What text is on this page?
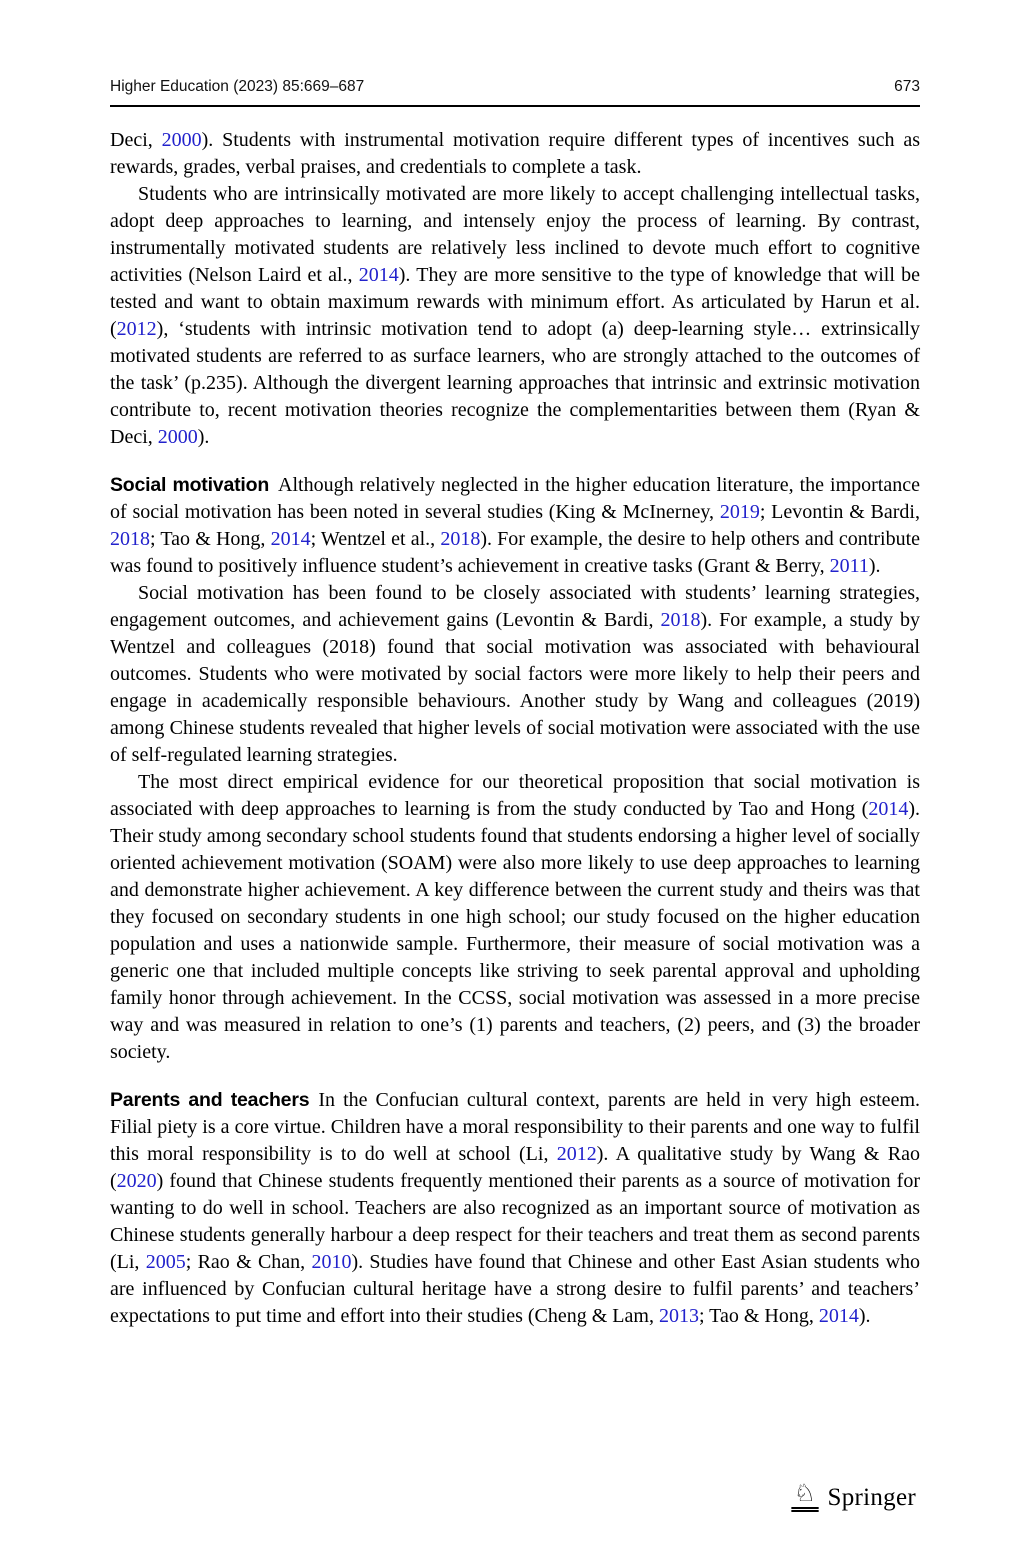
Higher Education (2023) 85:669–687	673

Deci, 2000). Students with instrumental motivation require different types of incentives such as rewards, grades, verbal praises, and credentials to complete a task.

Students who are intrinsically motivated are more likely to accept challenging intellectual tasks, adopt deep approaches to learning, and intensely enjoy the process of learning. By contrast, instrumentally motivated students are relatively less inclined to devote much effort to cognitive activities (Nelson Laird et al., 2014). They are more sensitive to the type of knowledge that will be tested and want to obtain maximum rewards with minimum effort. As articulated by Harun et al. (2012), ‘students with intrinsic motivation tend to adopt (a) deep-learning style… extrinsically motivated students are referred to as surface learners, who are strongly attached to the outcomes of the task’ (p.235). Although the divergent learning approaches that intrinsic and extrinsic motivation contribute to, recent motivation theories recognize the complementarities between them (Ryan & Deci, 2000).

Social motivation Although relatively neglected in the higher education literature, the importance of social motivation has been noted in several studies (King & McInerney, 2019; Levontin & Bardi, 2018; Tao & Hong, 2014; Wentzel et al., 2018). For example, the desire to help others and contribute was found to positively influence student’s achievement in creative tasks (Grant & Berry, 2011).

Social motivation has been found to be closely associated with students’ learning strategies, engagement outcomes, and achievement gains (Levontin & Bardi, 2018). For example, a study by Wentzel and colleagues (2018) found that social motivation was associated with behavioural outcomes. Students who were motivated by social factors were more likely to help their peers and engage in academically responsible behaviours. Another study by Wang and colleagues (2019) among Chinese students revealed that higher levels of social motivation were associated with the use of self-regulated learning strategies.

The most direct empirical evidence for our theoretical proposition that social motivation is associated with deep approaches to learning is from the study conducted by Tao and Hong (2014). Their study among secondary school students found that students endorsing a higher level of socially oriented achievement motivation (SOAM) were also more likely to use deep approaches to learning and demonstrate higher achievement. A key difference between the current study and theirs was that they focused on secondary students in one high school; our study focused on the higher education population and uses a nationwide sample. Furthermore, their measure of social motivation was a generic one that included multiple concepts like striving to seek parental approval and upholding family honor through achievement. In the CCSS, social motivation was assessed in a more precise way and was measured in relation to one’s (1) parents and teachers, (2) peers, and (3) the broader society.

Parents and teachers In the Confucian cultural context, parents are held in very high esteem. Filial piety is a core virtue. Children have a moral responsibility to their parents and one way to fulfil this moral responsibility is to do well at school (Li, 2012). A qualitative study by Wang & Rao (2020) found that Chinese students frequently mentioned their parents as a source of motivation for wanting to do well in school. Teachers are also recognized as an important source of motivation as Chinese students generally harbour a deep respect for their teachers and treat them as second parents (Li, 2005; Rao & Chan, 2010). Studies have found that Chinese and other East Asian students who are influenced by Confucian cultural heritage have a strong desire to fulfil parents’ and teachers’ expectations to put time and effort into their studies (Cheng & Lam, 2013; Tao & Hong, 2014).

♘ Springer
